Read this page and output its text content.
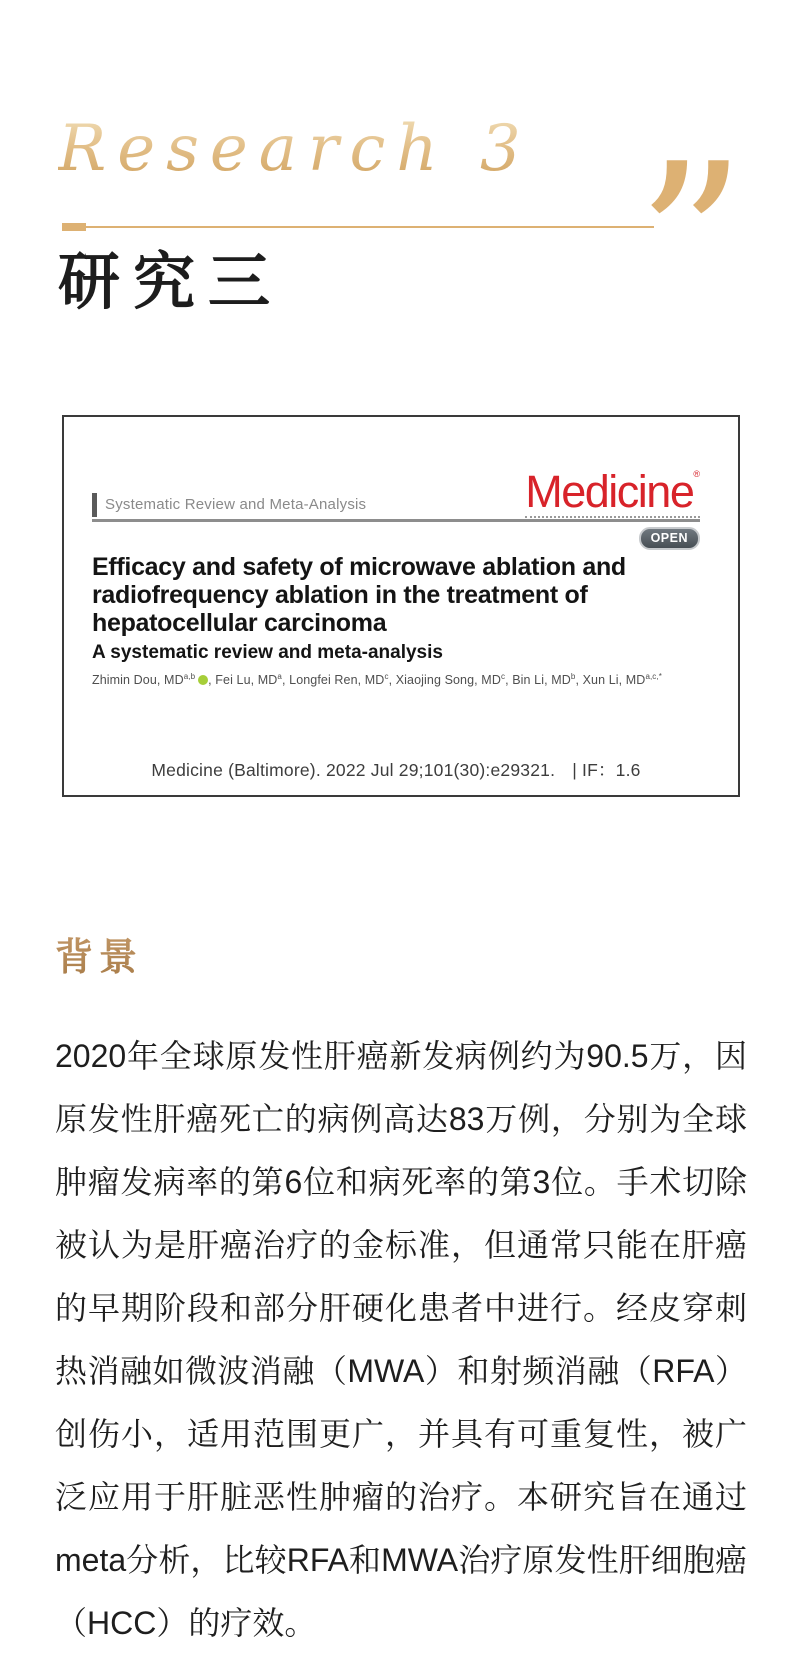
Research 3 ”
研究三
Systematic Review and Meta-Analysis	Medicine®
OPEN
Efficacy and safety of microwave ablation and
radiofrequency ablation in the treatment of
hepatocellular carcinoma
A systematic review and meta-analysis
Zhimin Dou, MD$^{a,b}$ , Fei Lu, $MD^a$, Longfei Ren, $MD^c$, Xiaojing Song, $MD^c$, Bin Li, $MD^b$, Xun Li, $MD^{a,c,*}$
Medicine (Baltimore). 2022 Jul 29;101(30):e29321. | IF：1.6
背景

2020年全球原发性肝癌新发病例约为90.5万，因原发性肝癌死亡的病例高达83万例，分别为全球肿瘤发病率的第6位和病死率的第3位。手术切除被认为是肝癌治疗的金标准，但通常只能在肝癌的早期阶段和部分肝硬化患者中进行。经皮穿刺热消融如微波消融（MWA）和射频消融（RFA）创伤小，适用范围更广，并具有可重复性，被广泛应用于肝脏恶性肿瘤的治疗。本研究旨在通过meta分析，比较RFA和MWA治疗原发性肝细胞癌（HCC）的疗效。
